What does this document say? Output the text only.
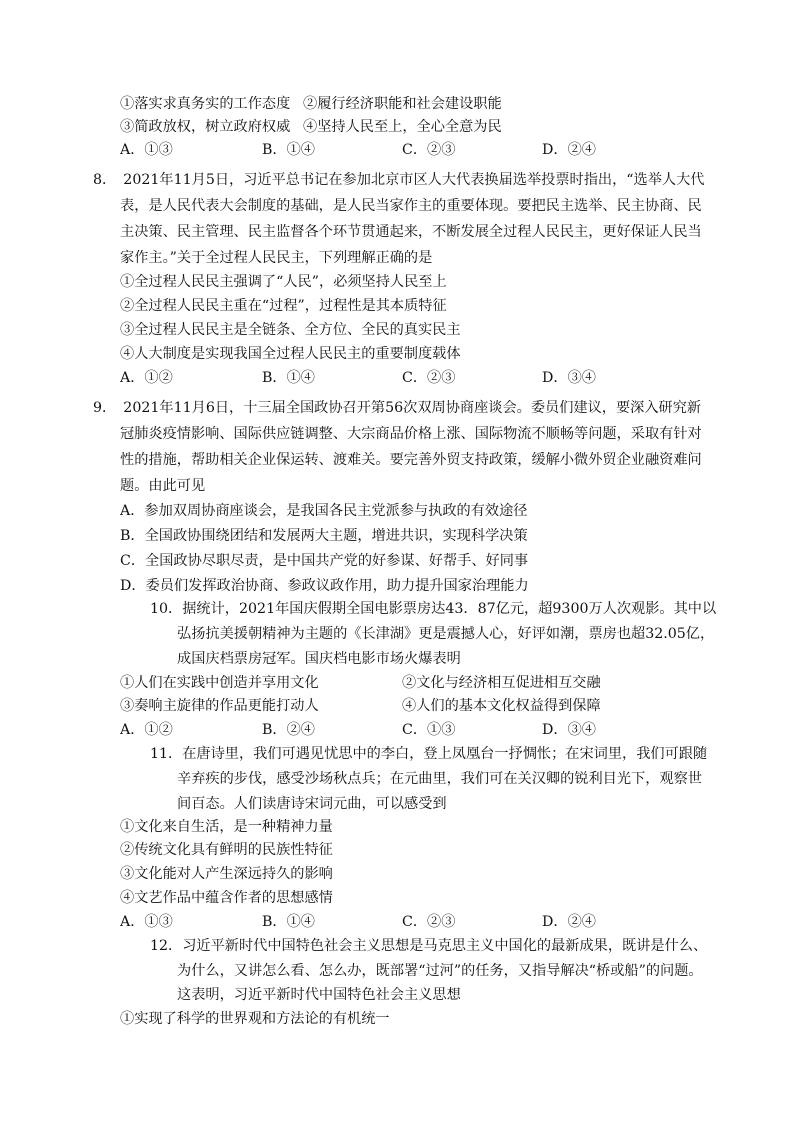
①落实求真务实的工作态度 ②履行经济职能和社会建设职能
③简政放权，树立政府权威 ④坚持人民至上，全心全意为民
A．①③	B．①④	C．②③	D．②④
8．　2021年11月5日，习近平总书记在参加北京市区人大代表换届选举投票时指出，“选举人大代
表，是人民代表大会制度的基础，是人民当家作主的重要体现。要把民主选举、民主协商、民
主决策、民主管理、民主监督各个环节贯通起来，不断发展全过程人民民主，更好保证人民当
家作主。”关于全过程人民民主，下列理解正确的是
①全过程人民民主强调了“人民”，必须坚持人民至上
②全过程人民民主重在“过程”，过程性是其本质特征
③全过程人民民主是全链条、全方位、全民的真实民主
④人大制度是实现我国全过程人民民主的重要制度载体
A．①②	B．①④	C．②③	D．③④
9．　2021年11月6日，十三届全国政协召开第56次双周协商座谈会。委员们建议，要深入研究新
冠肺炎疫情影响、国际供应链调整、大宗商品价格上涨、国际物流不顺畅等问题，采取有针对
性的措施，帮助相关企业保运转、渡难关。要完善外贸支持政策，缓解小微外贸企业融资难问
题。由此可见
A．参加双周协商座谈会，是我国各民主党派参与执政的有效途径
B．全国政协围绕团结和发展两大主题，增进共识，实现科学决策
C．全国政协尽职尽责，是中国共产党的好参谋、好帮手、好同事
D．委员们发挥政治协商、参政议政作用，助力提升国家治理能力
10．据统计，2021年国庆假期全国电影票房达43．87亿元，超9300万人次观影。其中以
弘扬抗美援朝精神为主题的《长津湖》更是震撼人心，好评如潮，票房也超32.05亿，
成国庆档票房冠军。国庆档电影市场火爆表明
①人们在实践中创造并享用文化	②文化与经济相互促进相互交融
③奏响主旋律的作品更能打动人	④人们的基本文化权益得到保障
A．①②	B．②④	C．①③	D．③④
11．在唐诗里，我们可遇见忧思中的李白，登上凤凰台一抒惆怅；在宋词里，我们可跟随
辛弃疾的步伐，感受沙场秋点兵；在元曲里，我们可在关汉卿的锐利目光下，观察世
间百态。人们读唐诗宋词元曲，可以感受到
①文化来自生活，是一种精神力量
②传统文化具有鲜明的民族性特征
③文化能对人产生深远持久的影响
④文艺作品中蕴含作者的思想感情
A．①③	B．①④	C．②③	D．②④
12．习近平新时代中国特色社会主义思想是马克思主义中国化的最新成果，既讲是什么、
为什么，又讲怎么看、怎么办，既部署“过河”的任务，又指导解决“桥或船”的问题。
这表明，习近平新时代中国特色社会主义思想
①实现了科学的世界观和方法论的有机统一
